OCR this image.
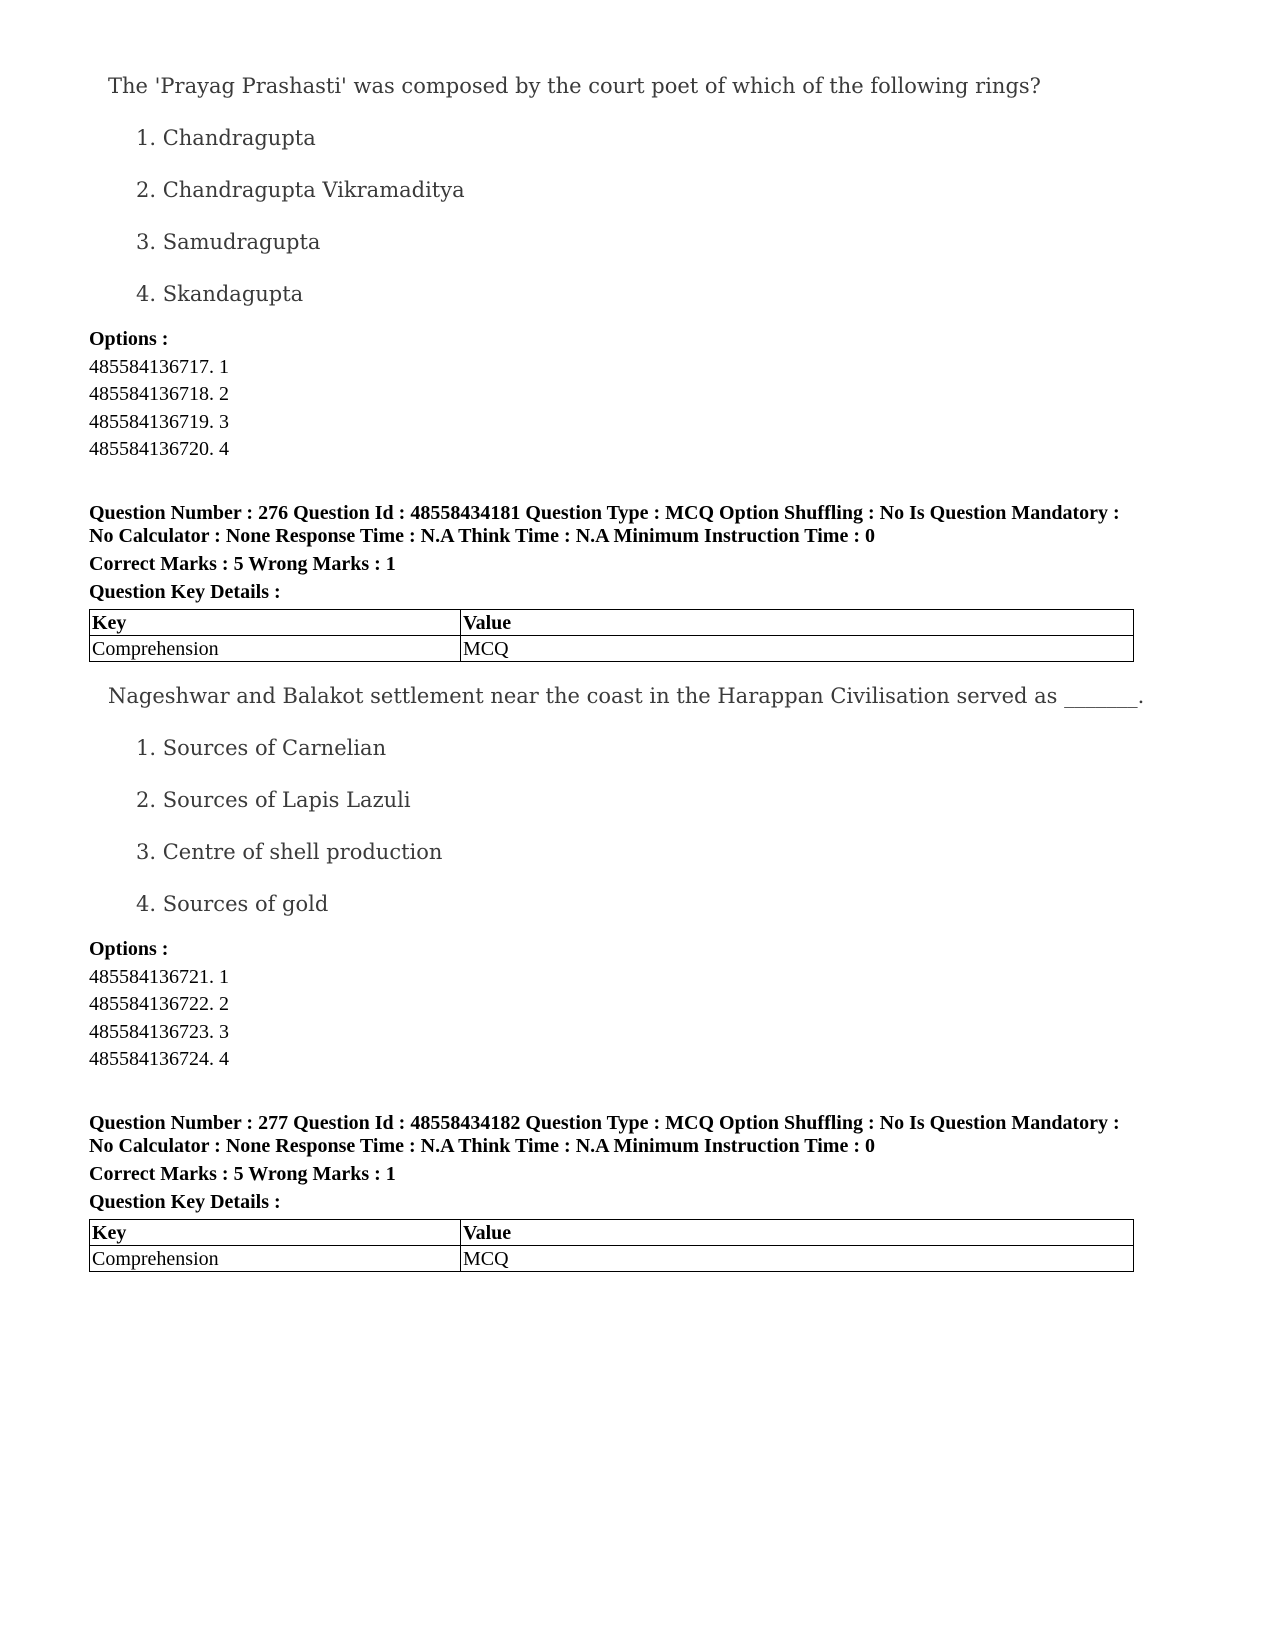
The 'Prayag Prashasti' was composed by the court poet of which of the following rings?

1. Chandragupta
2. Chandragupta Vikramaditya
3. Samudragupta
4. Skandagupta
Options :
485584136717. 1
485584136718. 2
485584136719. 3
485584136720. 4
Question Number : 276 Question Id : 48558434181 Question Type : MCQ Option Shuffling : No Is Question Mandatory :
No Calculator : None Response Time : N.A Think Time : N.A Minimum Instruction Time : 0
Correct Marks : 5 Wrong Marks : 1
Question Key Details :
Key	Value
Comprehension	MCQ

Nageshwar and Balakot settlement near the coast in the Harappan Civilisation served as _______.

1. Sources of Carnelian
2. Sources of Lapis Lazuli
3. Centre of shell production
4. Sources of gold
Options :
485584136721. 1
485584136722. 2
485584136723. 3
485584136724. 4
Question Number : 277 Question Id : 48558434182 Question Type : MCQ Option Shuffling : No Is Question Mandatory :
No Calculator : None Response Time : N.A Think Time : N.A Minimum Instruction Time : 0
Correct Marks : 5 Wrong Marks : 1
Question Key Details :
Key	Value
Comprehension	MCQ
